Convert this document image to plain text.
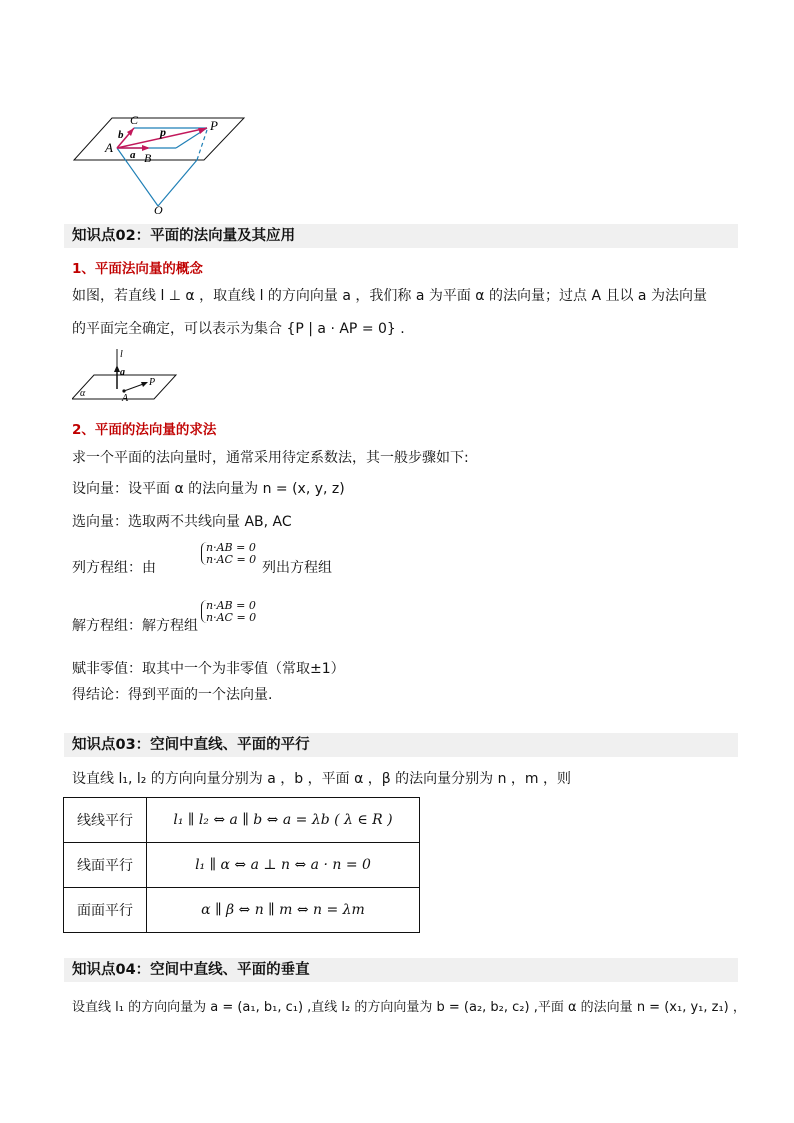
A
B
C	P
O
a
b	p
知识点02：平面的法向量及其应用
1、平面法向量的概念
如图，若直线 l ⊥ α ，取直线 l 的方向向量 a ，我们称 a 为平面 α 的法向量；过点 A 且以 a 为法向量
的平面完全确定，可以表示为集合 {P | a · AP = 0} .
l
a
α	A
P
2、平面的法向量的求法
求一个平面的法向量时，通常采用待定系数法，其一般步骤如下:
设向量：设平面 α 的法向量为 n = (x, y, z)
选向量：选取两不共线向量 AB, AC
列方程组：由
n·AB = 0
n·AC = 0
列出方程组
解方程组：解方程组
n·AB = 0
n·AC = 0
赋非零值：取其中一个为非零值（常取±1）
得结论：得到平面的一个法向量.
知识点03：空间中直线、平面的平行
设直线 l₁, l₂ 的方向向量分别为 a ，b ，平面 α ，β 的法向量分别为 n ，m ，则
线线平行	l₁ ∥ l₂ ⇔ a ∥ b ⇔ a = λb ( λ ∈ R )
线面平行	l₁ ∥ α ⇔ a ⊥ n ⇔ a · n = 0
面面平行	α ∥ β ⇔ n ∥ m ⇔ n = λm
知识点04：空间中直线、平面的垂直
设直线 l₁ 的方向向量为 a = (a₁, b₁, c₁) ,直线 l₂ 的方向向量为 b = (a₂, b₂, c₂) ,平面 α 的法向量 n = (x₁, y₁, z₁) ，
